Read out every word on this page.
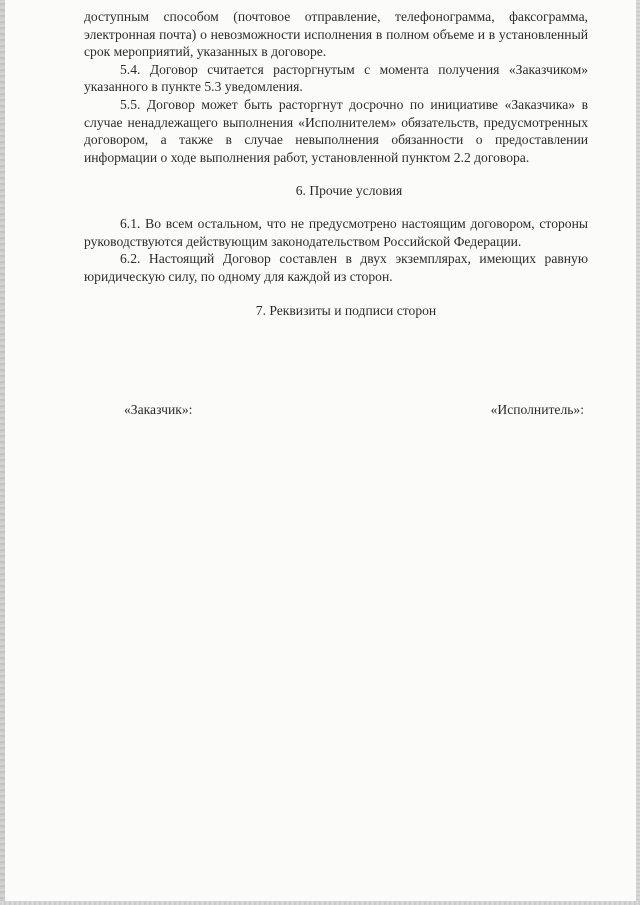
доступным способом (почтовое отправление, телефонограмма, факсограмма, электронная почта) о невозможности исполнения в полном объеме и в установленный срок мероприятий, указанных в договоре.

5.4. Договор считается расторгнутым с момента получения «Заказчиком» указанного в пункте 5.3 уведомления.

5.5. Договор может быть расторгнут досрочно по инициативе «Заказчика» в случае ненадлежащего выполнения «Исполнителем» обязательств, предусмотренных договором, а также в случае невыполнения обязанности о предоставлении информации о ходе выполнения работ, установленной пунктом 2.2 договора.

6. Прочие условия

6.1. Во всем остальном, что не предусмотрено настоящим договором, стороны руководствуются действующим законодательством Российской Федерации.

6.2. Настоящий Договор составлен в двух экземплярах, имеющих равную юридическую силу, по одному для каждой из сторон.

7. Реквизиты и подписи сторон

«Заказчик»:	«Исполнитель»:
